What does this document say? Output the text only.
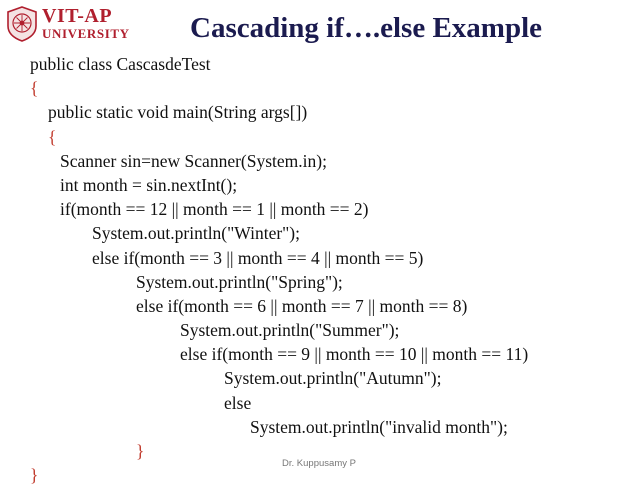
VIT-AP
UNIVERSITY Cascading if….else Example
public class CascasdeTest
{
public static void main(String args[])
{
Scanner sin=new Scanner(System.in);
int month = sin.nextInt();
if(month == 12 || month == 1 || month == 2)
System.out.println("Winter");
else if(month == 3 || month == 4 || month == 5)
System.out.println("Spring");
else if(month == 6 || month == 7 || month == 8)
System.out.println("Summer");
else if(month == 9 || month == 10 || month == 11)
System.out.println("Autumn");
else
System.out.println("invalid month");
}
}
Dr. Kuppusamy P
